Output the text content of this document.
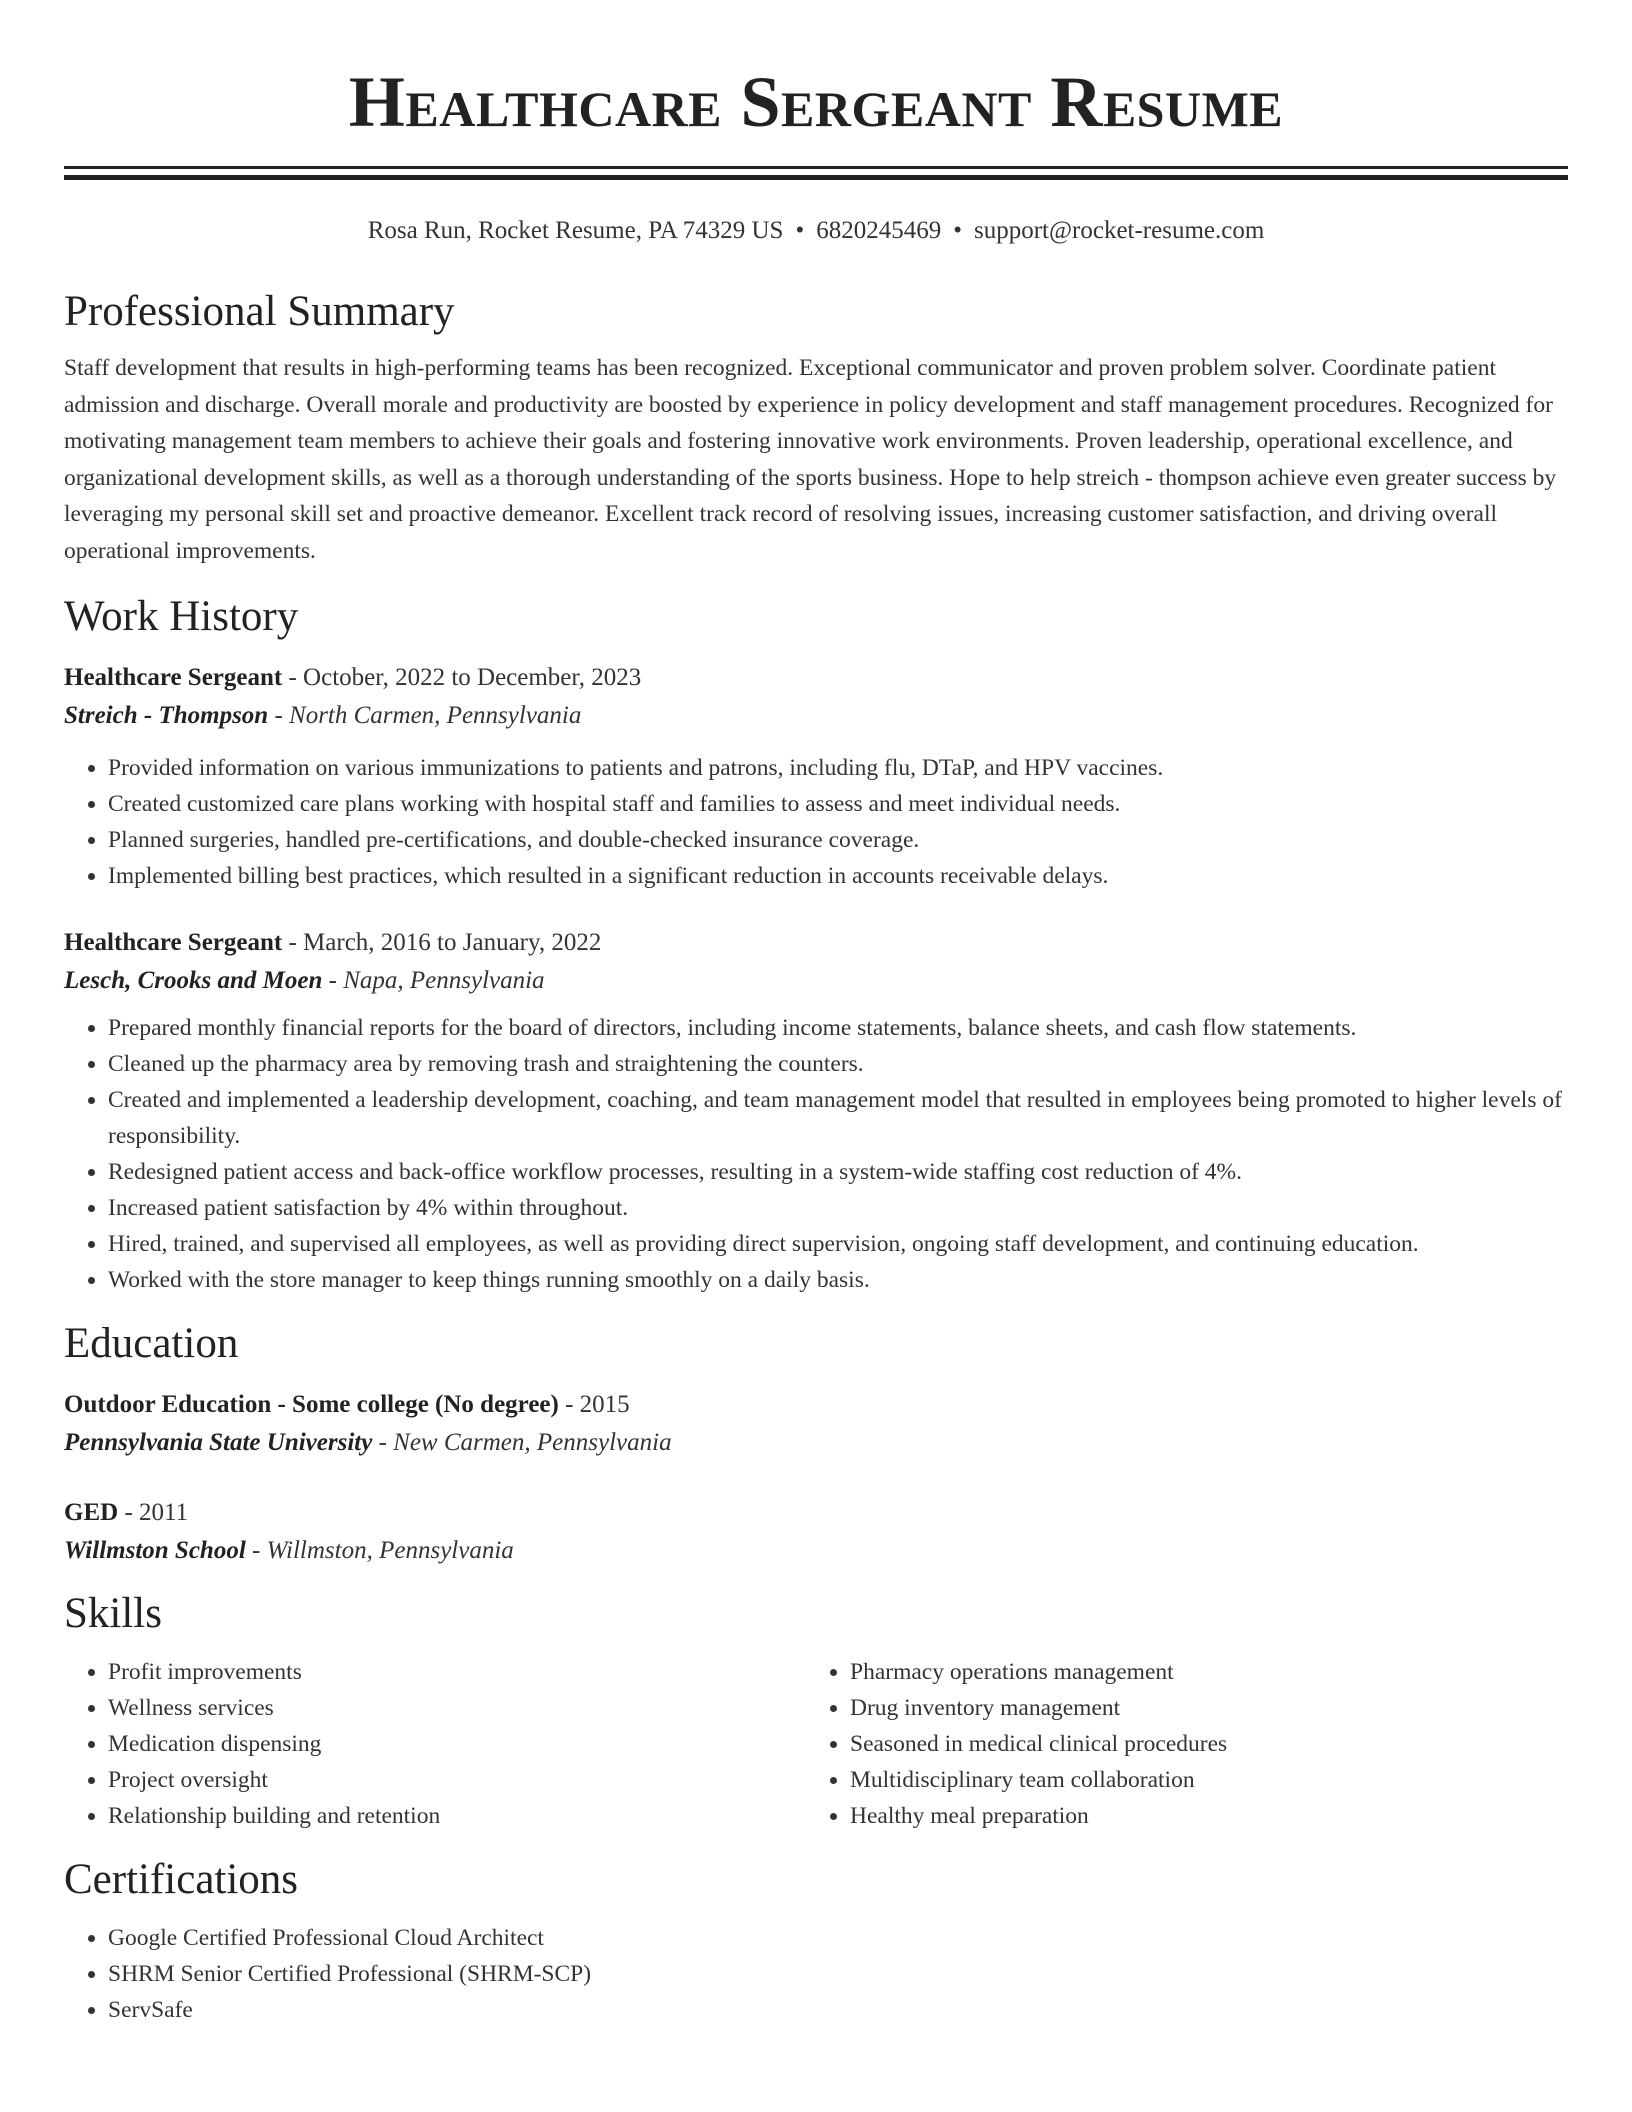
Healthcare Sergeant Resume
Rosa Run, Rocket Resume, PA 74329 US • 6820245469 • support@rocket-resume.com
Professional Summary

Staff development that results in high-performing teams has been recognized. Exceptional communicator and proven problem solver. Coordinate patient admission and discharge. Overall morale and productivity are boosted by experience in policy development and staff management procedures. Recognized for motivating management team members to achieve their goals and fostering innovative work environments. Proven leadership, operational excellence, and organizational development skills, as well as a thorough understanding of the sports business. Hope to help streich - thompson achieve even greater success by leveraging my personal skill set and proactive demeanor. Excellent track record of resolving issues, increasing customer satisfaction, and driving overall operational improvements.

Work History
Healthcare Sergeant - October, 2022 to December, 2023
Streich - Thompson - North Carmen, Pennsylvania
• Provided information on various immunizations to patients and patrons, including flu, DTaP, and HPV vaccines.
• Created customized care plans working with hospital staff and families to assess and meet individual needs.
• Planned surgeries, handled pre-certifications, and double-checked insurance coverage.
• Implemented billing best practices, which resulted in a significant reduction in accounts receivable delays.
Healthcare Sergeant - March, 2016 to January, 2022
Lesch, Crooks and Moen - Napa, Pennsylvania
• Prepared monthly financial reports for the board of directors, including income statements, balance sheets, and cash flow statements.
• Cleaned up the pharmacy area by removing trash and straightening the counters.
• Created and implemented a leadership development, coaching, and team management model that resulted in employees being promoted to higher levels of responsibility.
• Redesigned patient access and back-office workflow processes, resulting in a system-wide staffing cost reduction of 4%.
• Increased patient satisfaction by 4% within throughout.
• Hired, trained, and supervised all employees, as well as providing direct supervision, ongoing staff development, and continuing education.
• Worked with the store manager to keep things running smoothly on a daily basis.
Education
Outdoor Education - Some college (No degree) - 2015
Pennsylvania State University - New Carmen, Pennsylvania
GED - 2011
Willmston School - Willmston, Pennsylvania
Skills
• Profit improvements
• Wellness services
• Medication dispensing
• Project oversight
• Relationship building and retention
• Pharmacy operations management
• Drug inventory management
• Seasoned in medical clinical procedures
• Multidisciplinary team collaboration
• Healthy meal preparation
Certifications
• Google Certified Professional Cloud Architect
• SHRM Senior Certified Professional (SHRM-SCP)
• ServSafe
